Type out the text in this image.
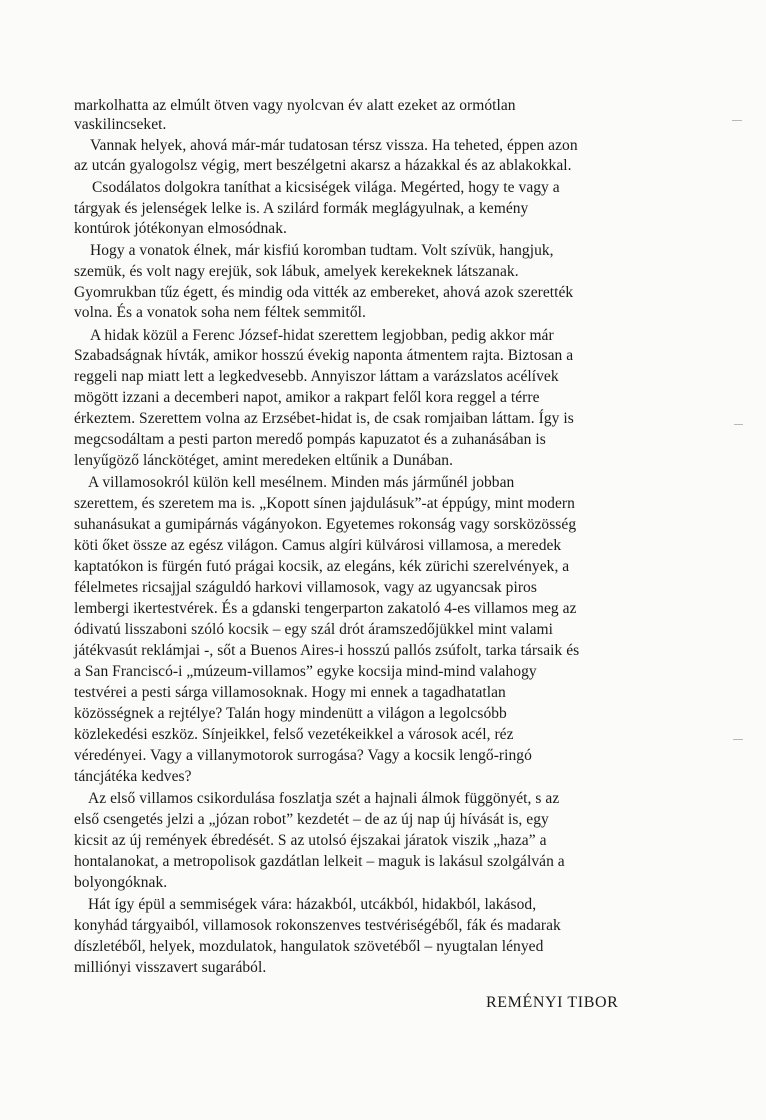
markolhatta az elmúlt ötven vagy nyolcvan év alatt ezeket az ormótlan

vaskilincseket.

Vannak helyek, ahová már-már tudatosan térsz vissza. Ha teheted, éppen azon

az utcán gyalogolsz végig, mert beszélgetni akarsz a házakkal és az ablakokkal.

Csodálatos dolgokra taníthat a kicsiségek világa. Megérted, hogy te vagy a

tárgyak és jelenségek lelke is. A szilárd formák meglágyulnak, a kemény

kontúrok jótékonyan elmosódnak.

Hogy a vonatok élnek, már kisfiú koromban tudtam. Volt szívük, hangjuk,

szemük, és volt nagy erejük, sok lábuk, amelyek kerekeknek látszanak.

Gyomrukban tűz égett, és mindig oda vitték az embereket, ahová azok szerették

volna. És a vonatok soha nem féltek semmitől.

A hidak közül a Ferenc József-hidat szerettem legjobban, pedig akkor már

Szabadságnak hívták, amikor hosszú évekig naponta átmentem rajta. Biztosan a

reggeli nap miatt lett a legkedvesebb. Annyiszor láttam a varázslatos acélívek

mögött izzani a decemberi napot, amikor a rakpart felől kora reggel a térre

érkeztem. Szerettem volna az Erzsébet-hidat is, de csak romjaiban láttam. Így is

megcsodáltam a pesti parton meredő pompás kapuzatot és a zuhanásában is

lenyűgöző lánckötéget, amint meredeken eltűnik a Dunában.

A villamosokról külön kell mesélnem. Minden más járműnél jobban

szerettem, és szeretem ma is. „Kopott sínen jajdulásuk”-at éppúgy, mint modern

suhanásukat a gumipárnás vágányokon. Egyetemes rokonság vagy sorsközösség

köti őket össze az egész világon. Camus algíri külvárosi villamosa, a meredek

kaptatókon is fürgén futó prágai kocsik, az elegáns, kék zürichi szerelvények, a

félelmetes ricsajjal száguldó harkovi villamosok, vagy az ugyancsak piros

lembergi ikertestvérek. És a gdanski tengerparton zakatoló 4-es villamos meg az

ódivatú lisszaboni szóló kocsik – egy szál drót áramszedőjükkel mint valami

játékvasút reklámjai -, sőt a Buenos Aires-i hosszú pallós zsúfolt, tarka társaik és

a San Franciscó-i „múzeum-villamos” egyke kocsija mind-mind valahogy

testvérei a pesti sárga villamosoknak. Hogy mi ennek a tagadhatatlan

közösségnek a rejtélye? Talán hogy mindenütt a világon a legolcsóbb

közlekedési eszköz. Sínjeikkel, felső vezetékeikkel a városok acél, réz

véredényei. Vagy a villanymotorok surrogása? Vagy a kocsik lengő-ringó

táncjátéka kedves?

Az első villamos csikordulása foszlatja szét a hajnali álmok függönyét, s az

első csengetés jelzi a „józan robot” kezdetét – de az új nap új hívását is, egy

kicsit az új remények ébredését. S az utolsó éjszakai járatok viszik „haza” a

hontalanokat, a metropolisok gazdátlan lelkeit – maguk is lakásul szolgálván a

bolyongóknak.

Hát így épül a semmiségek vára: házakból, utcákból, hidakból, lakásod,

konyhád tárgyaiból, villamosok rokonszenves testvériségéből, fák és madarak

díszletéből, helyek, mozdulatok, hangulatok szövetéből – nyugtalan lényed

milliónyi visszavert sugarából.

REMÉNYI TIBOR
